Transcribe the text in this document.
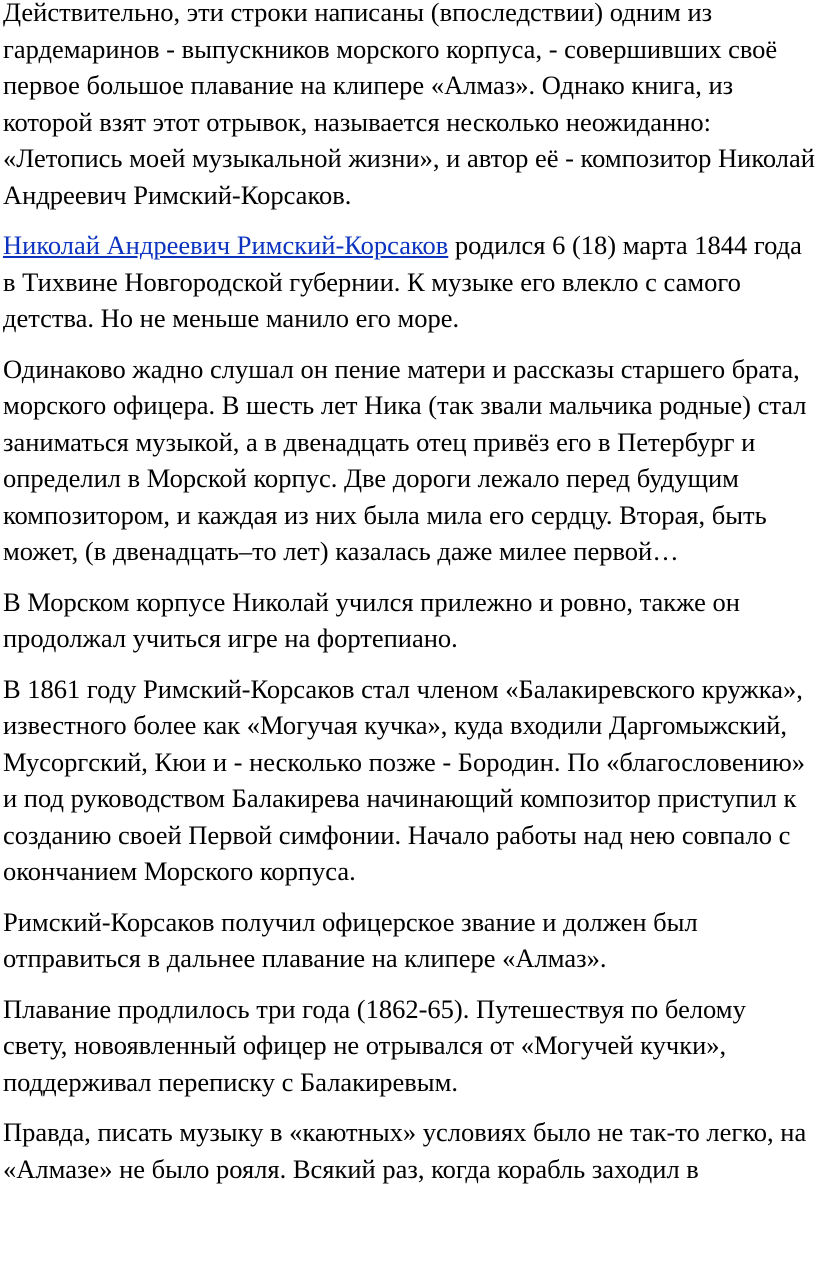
Действительно, эти строки написаны (впоследствии) одним из гардемаринов - выпускников морского корпуса, - совершивших своё первое большое плавание на клипере «Алмаз». Однако книга, из которой взят этот отрывок, называется несколько неожиданно: «Летопись моей музыкальной жизни», и автор её - композитор Николай Андреевич Римский-Корсаков.

Николай Андреевич Римский-Корсаков родился 6 (18) марта 1844 года в Тихвине Новгородской губернии. К музыке его влекло с самого детства. Но не меньше манило его море.

Одинаково жадно слушал он пение матери и рассказы старшего брата, морского офицера. В шесть лет Ника (так звали мальчика родные) стал заниматься музыкой, а в двенадцать отец привёз его в Петербург и определил в Морской корпус. Две дороги лежало перед будущим композитором, и каждая из них была мила его сердцу. Вторая, быть может, (в двенадцать–то лет) казалась даже милее первой…

В Морском корпусе Николай учился прилежно и ровно, также он продолжал учиться игре на фортепиано.

В 1861 году Римский-Корсаков стал членом «Балакиревского кружка», известного более как «Могучая кучка», куда входили Даргомыжский, Мусоргский, Кюи и - несколько позже - Бородин. По «благословению» и под руководством Балакирева начинающий композитор приступил к созданию своей Первой симфонии. Начало работы над нею совпало с окончанием Морского корпуса.

Римский-Корсаков получил офицерское звание и должен был отправиться в дальнее плавание на клипере «Алмаз».

Плавание продлилось три года (1862-65). Путешествуя по белому свету, новоявленный офицер не отрывался от «Могучей кучки», поддерживал переписку с Балакиревым.

Правда, писать музыку в «каютных» условиях было не так-то легко, на «Алмазе» не было рояля. Всякий раз, когда корабль заходил в
